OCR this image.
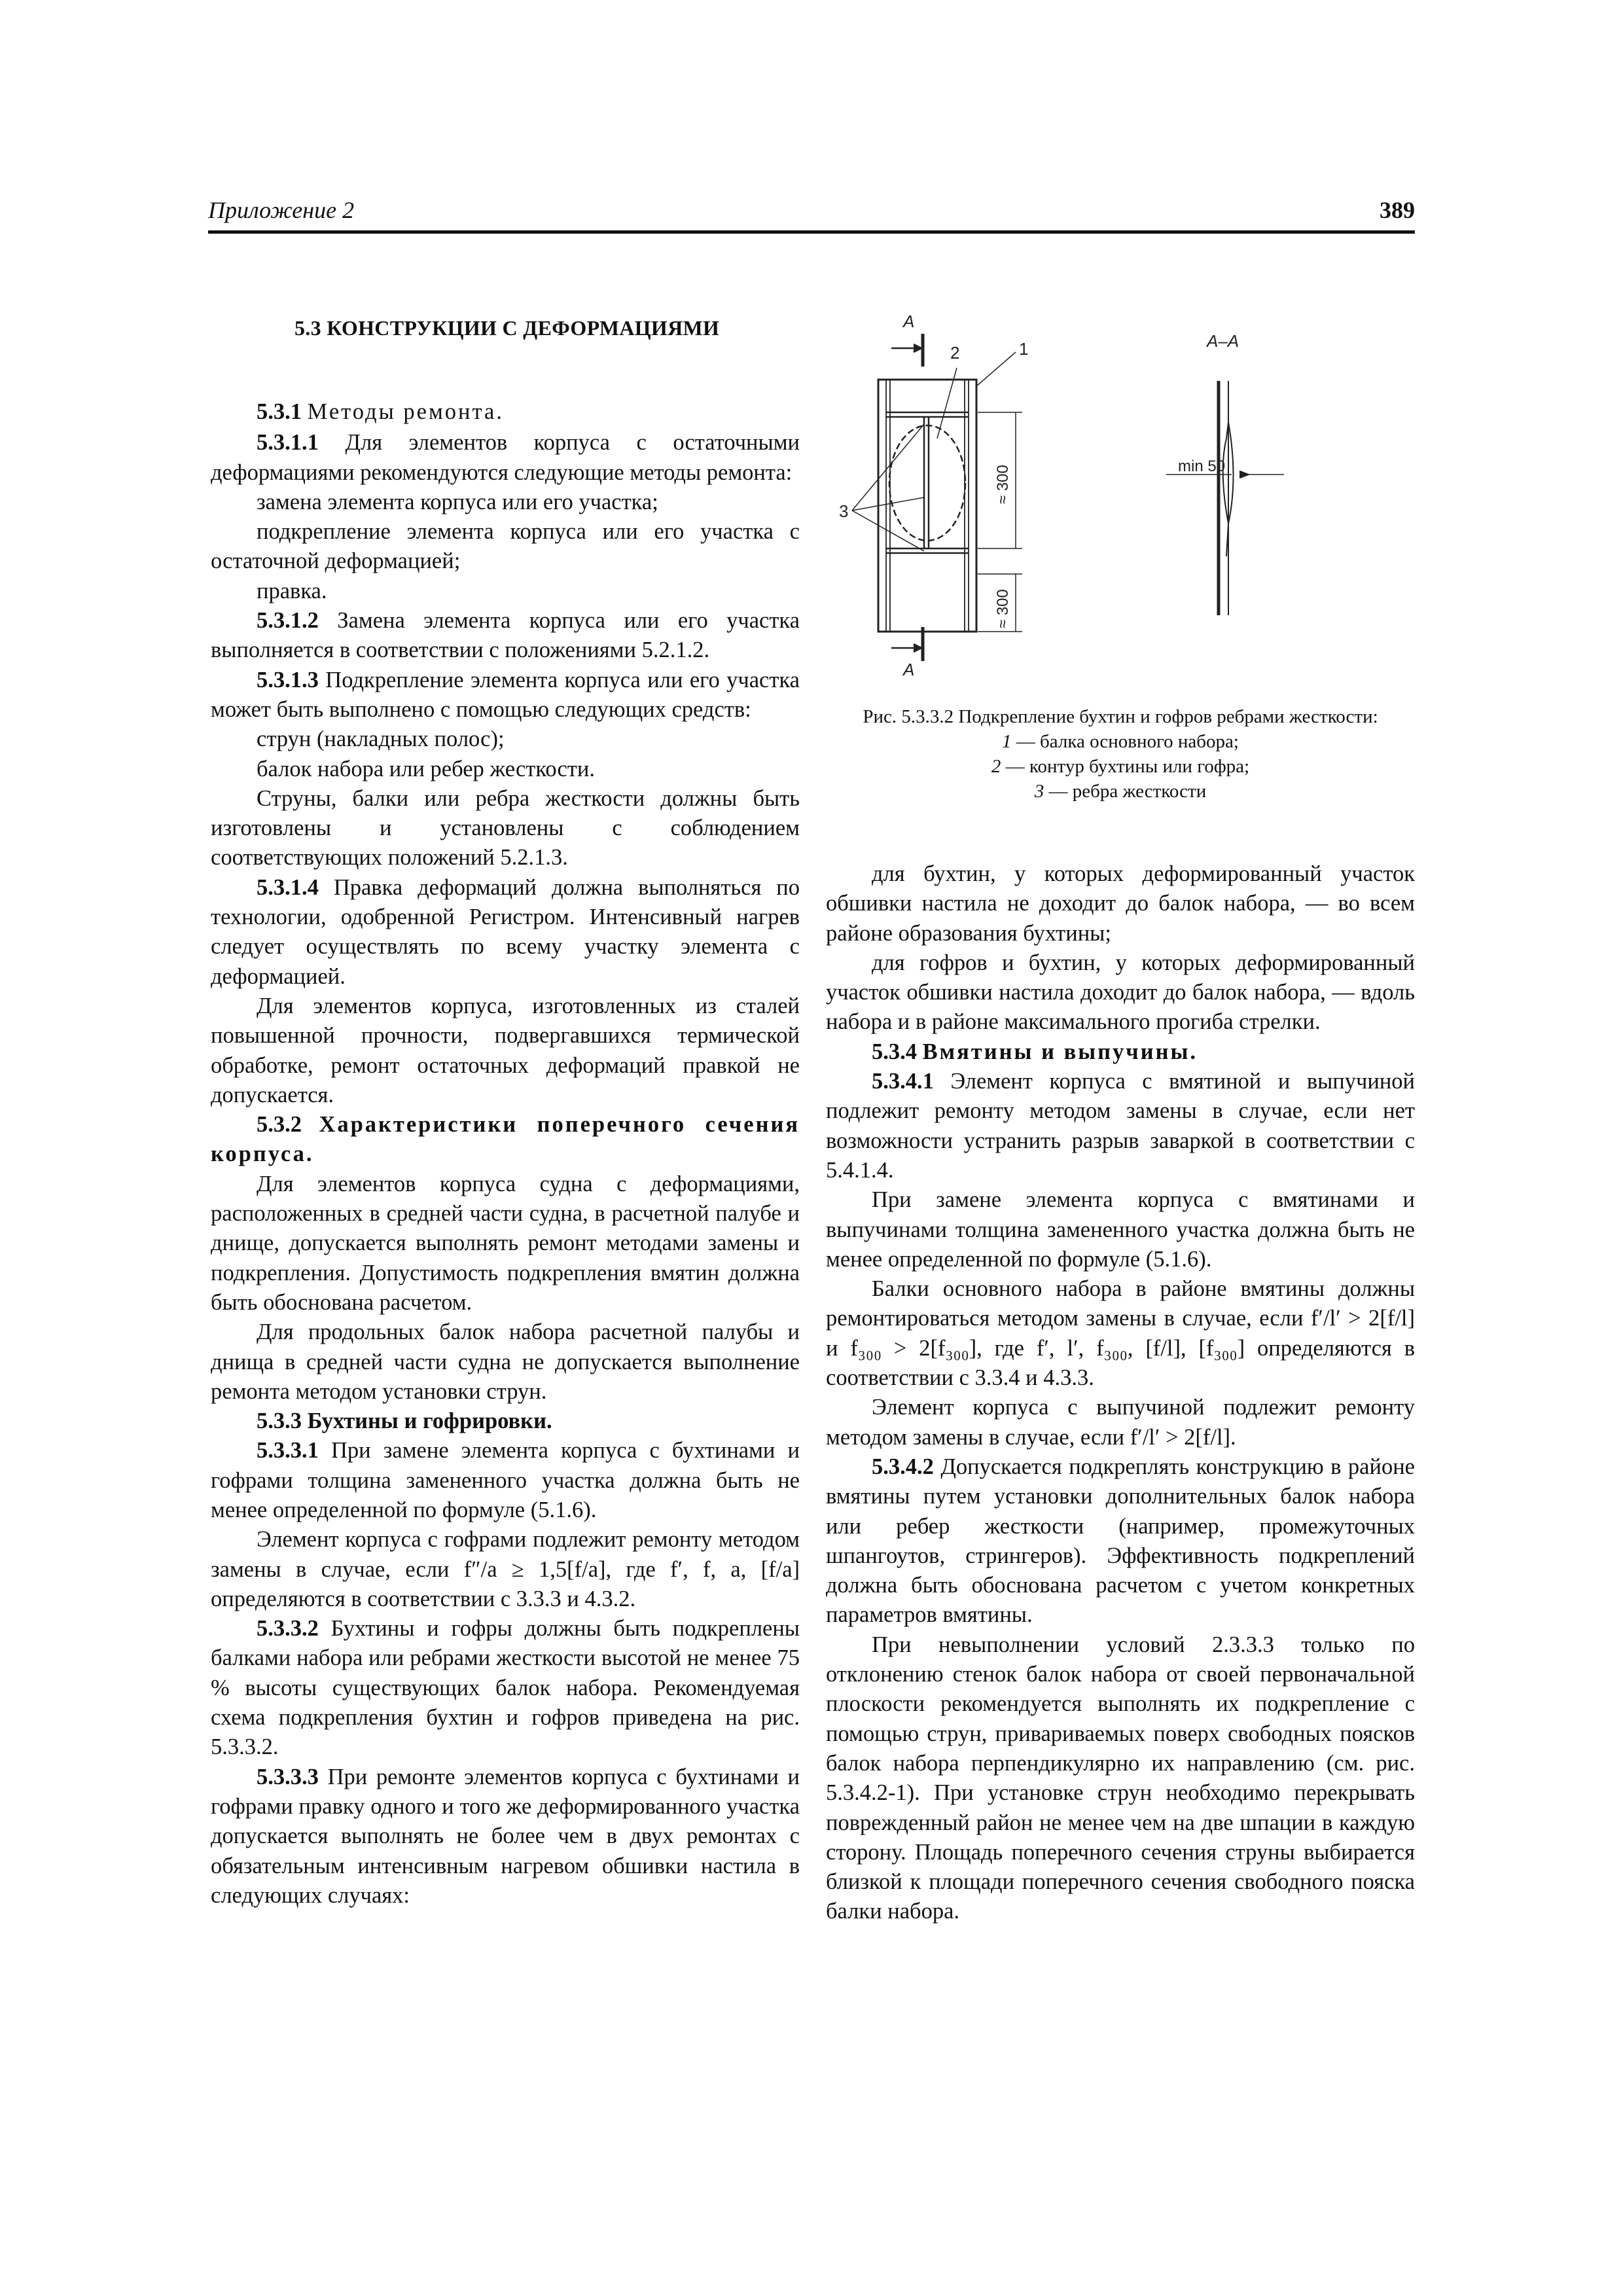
Приложение 2	389
5.3 КОНСТРУКЦИИ С ДЕФОРМАЦИЯМИ

5.3.1 Методы ремонта.

5.3.1.1 Для элементов корпуса с остаточными деформациями рекомендуются следующие методы ремонта:

замена элемента корпуса или его участка;

подкрепление элемента корпуса или его участка с остаточной деформацией;

правка.

5.3.1.2 Замена элемента корпуса или его участка выполняется в соответствии с положениями 5.2.1.2.

5.3.1.3 Подкрепление элемента корпуса или его участка может быть выполнено с помощью следующих средств:

струн (накладных полос);

балок набора или ребер жесткости.

Струны, балки или ребра жесткости должны быть изготовлены и установлены с соблюдением соответствующих положений 5.2.1.3.

5.3.1.4 Правка деформаций должна выполняться по технологии, одобренной Регистром. Интенсивный нагрев следует осуществлять по всему участку элемента с деформацией.

Для элементов корпуса, изготовленных из сталей повышенной прочности, подвергавшихся термической обработке, ремонт остаточных деформаций правкой не допускается.

5.3.2 Характеристики поперечного сечения корпуса.

Для элементов корпуса судна с деформациями, расположенных в средней части судна, в расчетной палубе и днище, допускается выполнять ремонт методами замены и подкрепления. Допустимость подкрепления вмятин должна быть обоснована расчетом.

Для продольных балок набора расчетной палубы и днища в средней части судна не допускается выполнение ремонта методом установки струн.

5.3.3 Бухтины и гофрировки.

5.3.3.1 При замене элемента корпуса с бухтинами и гофрами толщина замененного участка должна быть не менее определенной по формуле (5.1.6).

Элемент корпуса с гофрами подлежит ремонту методом замены в случае, если f″/a ≥ 1,5[f/a], где f′, f, a, [f/a] определяются в соответствии с 3.3.3 и 4.3.2.

5.3.3.2 Бухтины и гофры должны быть подкреплены балками набора или ребрами жесткости высотой не менее 75 % высоты существующих балок набора. Рекомендуемая схема подкрепления бухтин и гофров приведена на рис. 5.3.3.2.

5.3.3.3 При ремонте элементов корпуса с бухтинами и гофрами правку одного и того же деформированного участка допускается выполнять не более чем в двух ремонтах с обязательным интенсивным нагревом обшивки настила в следующих случаях:

A
2	1
3
A
A–A
min 50
≈ 300
≈ 300
Рис. 5.3.3.2 Подкрепление бухтин и гофров ребрами жесткости:
1 — балка основного набора;
2 — контур бухтины или гофра;
3 — ребра жесткости

для бухтин, у которых деформированный участок обшивки настила не доходит до балок набора, — во всем районе образования бухтины;

для гофров и бухтин, у которых деформированный участок обшивки настила доходит до балок набора, — вдоль набора и в районе максимального прогиба стрелки.

5.3.4 Вмятины и выпучины.

5.3.4.1 Элемент корпуса с вмятиной и выпучиной подлежит ремонту методом замены в случае, если нет возможности устранить разрыв заваркой в соответствии с 5.4.1.4.

При замене элемента корпуса с вмятинами и выпучинами толщина замененного участка должна быть не менее определенной по формуле (5.1.6).

Балки основного набора в районе вмятины должны ремонтироваться методом замены в случае, если f′/l′ > 2[f/l] и f₃₀₀ > 2[f₃₀₀], где f′, l′, f₃₀₀, [f/l], [f₃₀₀] определяются в соответствии с 3.3.4 и 4.3.3.

Элемент корпуса с выпучиной подлежит ремонту методом замены в случае, если f′/l′ > 2[f/l].

5.3.4.2 Допускается подкреплять конструкцию в районе вмятины путем установки дополнительных балок набора или ребер жесткости (например, промежуточных шпангоутов, стрингеров). Эффективность подкреплений должна быть обоснована расчетом с учетом конкретных параметров вмятины.

При невыполнении условий 2.3.3.3 только по отклонению стенок балок набора от своей первоначальной плоскости рекомендуется выполнять их подкрепление с помощью струн, привариваемых поверх свободных поясков балок набора перпендикулярно их направлению (см. рис. 5.3.4.2-1). При установке струн необходимо перекрывать поврежденный район не менее чем на две шпации в каждую сторону. Площадь поперечного сечения струны выбирается близкой к площади поперечного сечения свободного пояска балки набора.
